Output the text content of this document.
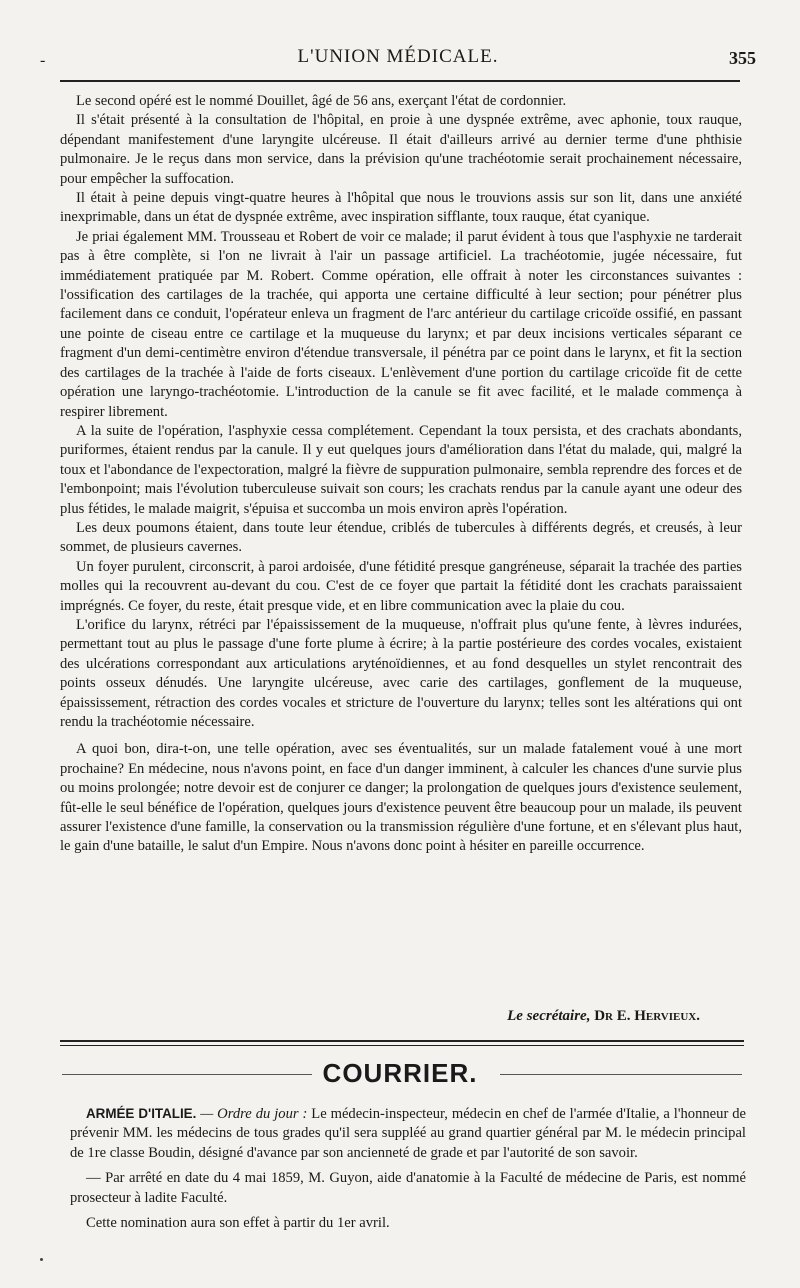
-	L'UNION MÉDICALE.	355

Le second opéré est le nommé Douillet, âgé de 56 ans, exerçant l'état de cordonnier.

Il s'était présenté à la consultation de l'hôpital, en proie à une dyspnée extrême, avec aphonie, toux rauque, dépendant manifestement d'une laryngite ulcéreuse. Il était d'ailleurs arrivé au dernier terme d'une phthisie pulmonaire. Je le reçus dans mon service, dans la prévision qu'une trachéotomie serait prochainement nécessaire, pour empêcher la suffocation.

Il était à peine depuis vingt-quatre heures à l'hôpital que nous le trouvions assis sur son lit, dans une anxiété inexprimable, dans un état de dyspnée extrême, avec inspiration sifflante, toux rauque, état cyanique.

Je priai également MM. Trousseau et Robert de voir ce malade; il parut évident à tous que l'asphyxie ne tarderait pas à être complète, si l'on ne livrait à l'air un passage artificiel. La trachéotomie, jugée nécessaire, fut immédiatement pratiquée par M. Robert. Comme opération, elle offrait à noter les circonstances suivantes : l'ossification des cartilages de la trachée, qui apporta une certaine difficulté à leur section; pour pénétrer plus facilement dans ce conduit, l'opérateur enleva un fragment de l'arc antérieur du cartilage cricoïde ossifié, en passant une pointe de ciseau entre ce cartilage et la muqueuse du larynx; et par deux incisions verticales séparant ce fragment d'un demi-centimètre environ d'étendue transversale, il pénétra par ce point dans le larynx, et fit la section des cartilages de la trachée à l'aide de forts ciseaux. L'enlèvement d'une portion du cartilage cricoïde fit de cette opération une laryngo-trachéotomie. L'introduction de la canule se fit avec facilité, et le malade commença à respirer librement.

A la suite de l'opération, l'asphyxie cessa complétement. Cependant la toux persista, et des crachats abondants, puriformes, étaient rendus par la canule. Il y eut quelques jours d'amélioration dans l'état du malade, qui, malgré la toux et l'abondance de l'expectoration, malgré la fièvre de suppuration pulmonaire, sembla reprendre des forces et de l'embonpoint; mais l'évolution tuberculeuse suivait son cours; les crachats rendus par la canule ayant une odeur des plus fétides, le malade maigrit, s'épuisa et succomba un mois environ après l'opération.

Les deux poumons étaient, dans toute leur étendue, criblés de tubercules à différents degrés, et creusés, à leur sommet, de plusieurs cavernes.

Un foyer purulent, circonscrit, à paroi ardoisée, d'une fétidité presque gangréneuse, séparait la trachée des parties molles qui la recouvrent au-devant du cou. C'est de ce foyer que partait la fétidité dont les crachats paraissaient imprégnés. Ce foyer, du reste, était presque vide, et en libre communication avec la plaie du cou.

L'orifice du larynx, rétréci par l'épaississement de la muqueuse, n'offrait plus qu'une fente, à lèvres indurées, permettant tout au plus le passage d'une forte plume à écrire; à la partie postérieure des cordes vocales, existaient des ulcérations correspondant aux articulations aryténoïdiennes, et au fond desquelles un stylet rencontrait des points osseux dénudés. Une laryngite ulcéreuse, avec carie des cartilages, gonflement de la muqueuse, épaississement, rétraction des cordes vocales et stricture de l'ouverture du larynx; telles sont les altérations qui ont rendu la trachéotomie nécessaire.

A quoi bon, dira-t-on, une telle opération, avec ses éventualités, sur un malade fatalement voué à une mort prochaine? En médecine, nous n'avons point, en face d'un danger imminent, à calculer les chances d'une survie plus ou moins prolongée; notre devoir est de conjurer ce danger; la prolongation de quelques jours d'existence seulement, fût-elle le seul bénéfice de l'opération, quelques jours d'existence peuvent être beaucoup pour un malade, ils peuvent assurer l'existence d'une famille, la conservation ou la transmission régulière d'une fortune, et en s'élevant plus haut, le gain d'une bataille, le salut d'un Empire. Nous n'avons donc point à hésiter en pareille occurrence.

Le secrétaire, Dr E. Hervieux.
COURRIER.

ARMÉE D'ITALIE. — Ordre du jour : Le médecin-inspecteur, médecin en chef de l'armée d'Italie, a l'honneur de prévenir MM. les médecins de tous grades qu'il sera suppléé au grand quartier général par M. le médecin principal de 1re classe Boudin, désigné d'avance par son ancienneté de grade et par l'autorité de son savoir.

— Par arrêté en date du 4 mai 1859, M. Guyon, aide d'anatomie à la Faculté de médecine de Paris, est nommé prosecteur à ladite Faculté.

Cette nomination aura son effet à partir du 1er avril.
